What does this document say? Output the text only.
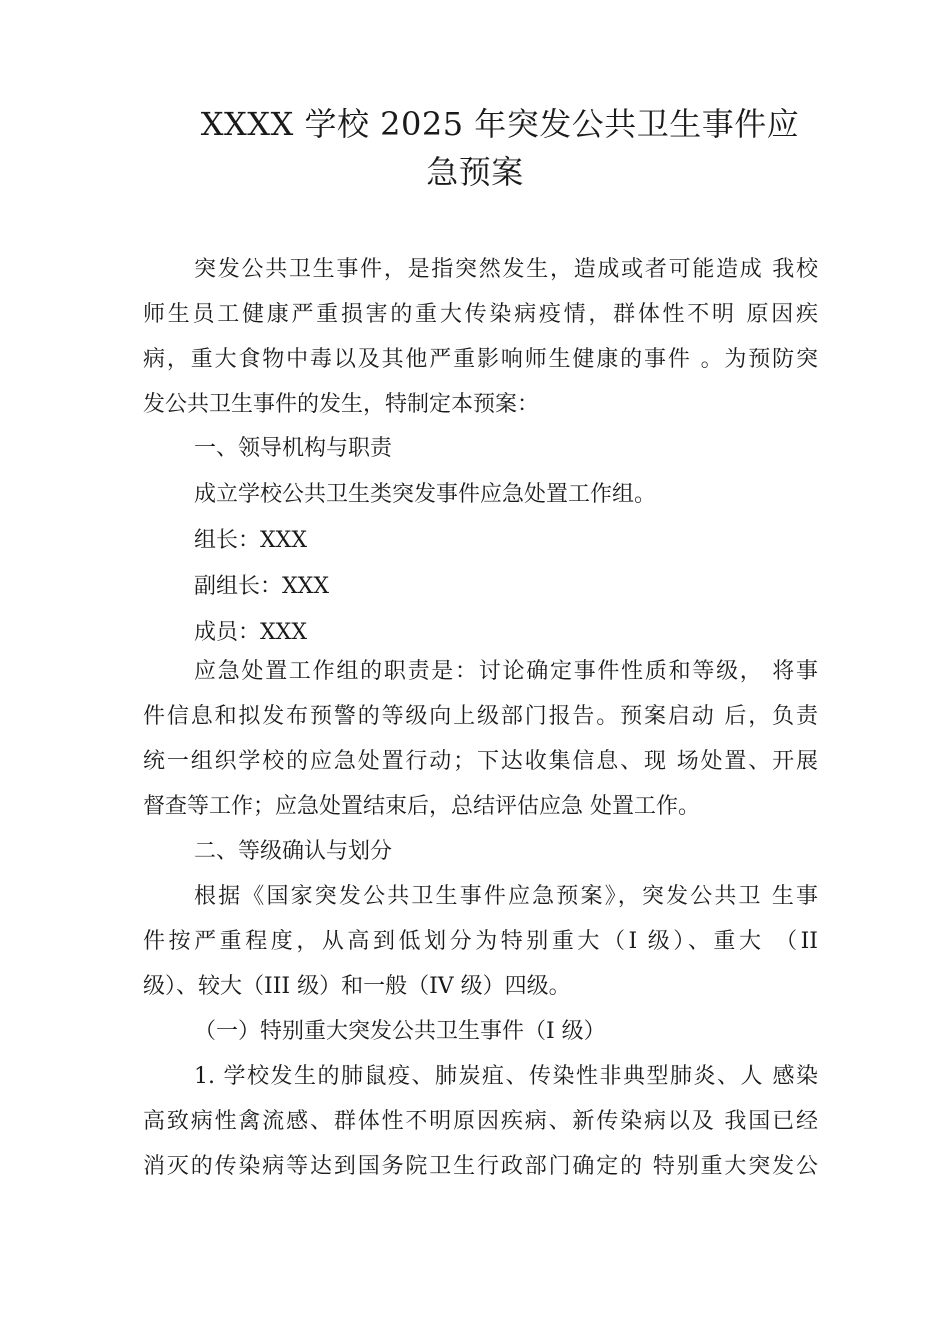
XXXX 学校 2025 年突发公共卫生事件应
急预案
突发公共卫生事件，是指突然发生，造成或者可能造成 我校
师生员工健康严重损害的重大传染病疫情，群体性不明 原因疾
病，重大食物中毒以及其他严重影响师生健康的事件 。为预防突
发公共卫生事件的发生，特制定本预案：
一、领导机构与职责
成立学校公共卫生类突发事件应急处置工作组。
组长：XXX
副组长：XXX
成员：XXX
应急处置工作组的职责是：讨论确定事件性质和等级， 将事
件信息和拟发布预警的等级向上级部门报告。预案启动 后，负责
统一组织学校的应急处置行动；下达收集信息、现 场处置、开展
督查等工作；应急处置结束后，总结评估应急 处置工作。
二、等级确认与划分
根据《国家突发公共卫生事件应急预案》，突发公共卫 生事
件按严重程度，从高到低划分为特别重大（I 级）、重大 （II
级）、较大（III 级）和一般（IV 级）四级。
（一）特别重大突发公共卫生事件（I 级）
1. 学校发生的肺鼠疫、肺炭疽、传染性非典型肺炎、人 感染
高致病性禽流感、群体性不明原因疾病、新传染病以及 我国已经
消灭的传染病等达到国务院卫生行政部门确定的 特别重大突发公
